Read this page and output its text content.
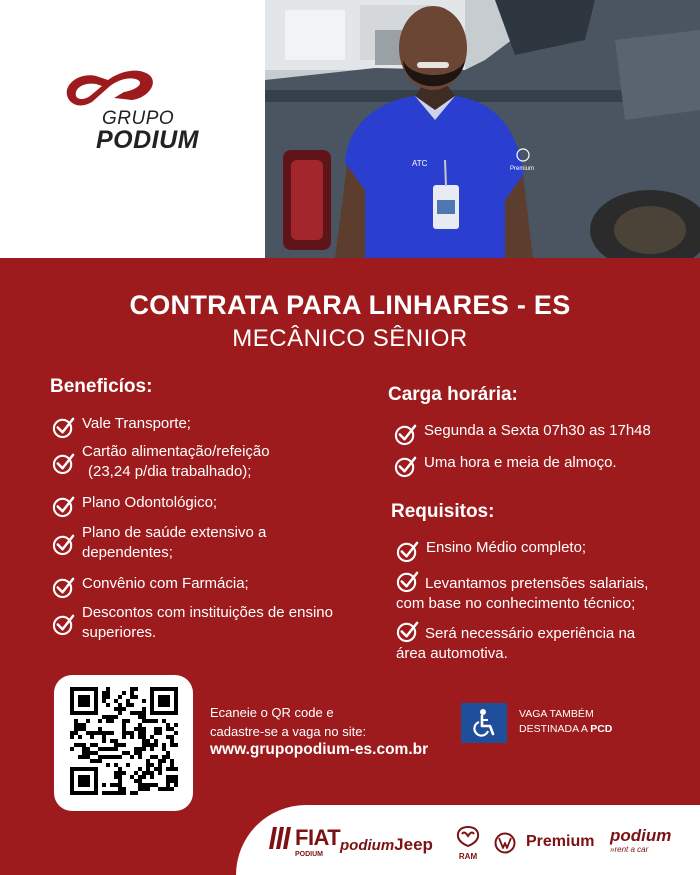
GRUPO
PODIUM
ATC
Premium
CONTRATA PARA LINHARES - ES
MECÂNICO SÊNIOR
Beneficíos:
Vale Transporte;
Cartão alimentação/refeição
(23,24 p/dia trabalhado);
Plano Odontológico;
Plano de saúde extensivo a
dependentes;
Convênio com Farmácia;
Descontos com instituições de ensino
superiores.
Carga horária:
Segunda a Sexta 07h30 as 17h48
Uma hora e meia de almoço.
Requisitos:
Ensino Médio completo;
Levantamos pretensões salariais,
com base no conhecimento técnico;
Será necessário experiência na
área automotiva.
Ecaneie o QR code e
cadastre-se a vaga no site:
www.grupopodium-es.com.br
VAGA TAMBÉM
DESTINADA A PCD
FIAT
PODIUM
podiumJeep
RAM
Premium podium
»rent a car
